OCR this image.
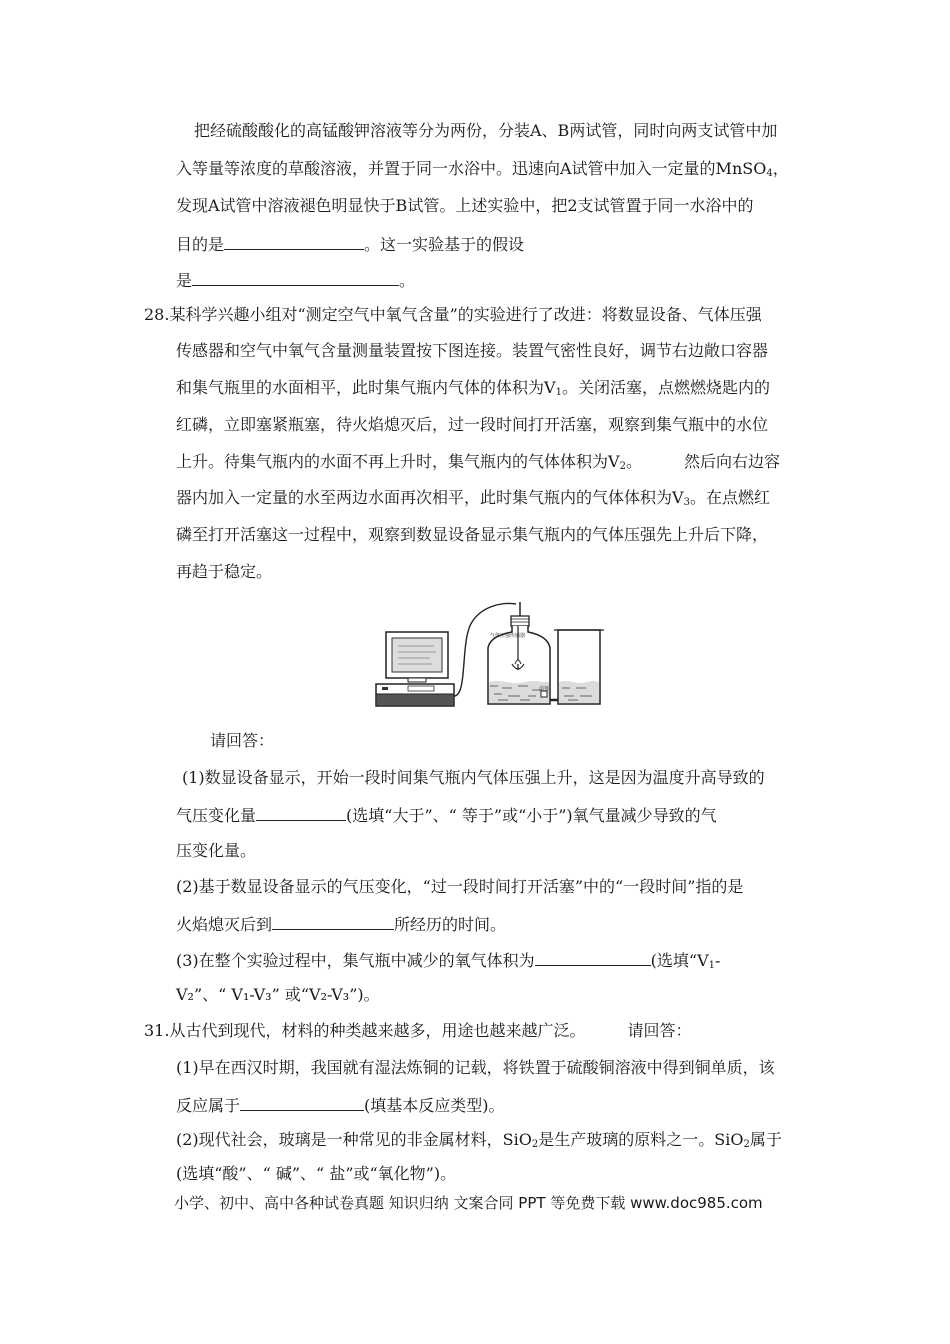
把经硫酸酸化的高锰酸钾溶液等分为两份，分装A、B两试管，同时向两支试管中加
入等量等浓度的草酸溶液，并置于同一水浴中。迅速向A试管中加入一定量的MnSO$_4$，
发现A试管中溶液褪色明显快于B试管。上述实验中，把2支试管置于同一水浴中的
目的是	。这一实验基于的假设
是	。
28.某科学兴趣小组对“测定空气中氧气含量”的实验进行了改进：将数显设备、气体压强
传感器和空气中氧气含量测量装置按下图连接。装置气密性良好，调节右边敞口容器
和集气瓶里的水面相平，此时集气瓶内气体的体积为$V_1$。关闭活塞，点燃燃烧匙内的
红磷，立即塞紧瓶塞，待火焰熄灭后，过一段时间打开活塞，观察到集气瓶中的水位
上升。待集气瓶内的水面不再上升时，集气瓶内的气体体积为$V_2$。	然后向右边容
器内加入一定量的水至两边水面再次相平，此时集气瓶内的气体体积为$V_3$。在点燃红
磷至打开活塞这一过程中，观察到数显设备显示集气瓶内的气体压强先上升后下降，
再趋于稳定。
气体压强传感器
活塞
请回答：
(1)数显设备显示，开始一段时间集气瓶内气体压强上升，这是因为温度升高导致的
气压变化量	(选填“大于”、“ 等于”或“小于”)氧气量减少导致的气
压变化量。
(2)基于数显设备显示的气压变化，“过一段时间打开活塞”中的“一段时间”指的是
火焰熄灭后到	所经历的时间。
(3)在整个实验过程中，集气瓶中减少的氧气体积为	(选填“$V_1-$
V₂”、“ V₁-V₃” 或“V₂-V₃”)。
31.从古代到现代，材料的种类越来越多，用途也越来越广泛。	请回答：
(1)早在西汉时期，我国就有湿法炼铜的记载，将铁置于硫酸铜溶液中得到铜单质，该
反应属于	(填基本反应类型)。
(2)现代社会，玻璃是一种常见的非金属材料，SiO$_2$是生产玻璃的原料之一。SiO$_2$属于
(选填“酸”、“ 碱”、“ 盐”或“氧化物”)。
小学、初中、高中各种试卷真题 知识归纳 文案合同 PPT 等免费下载 www.doc985.com
